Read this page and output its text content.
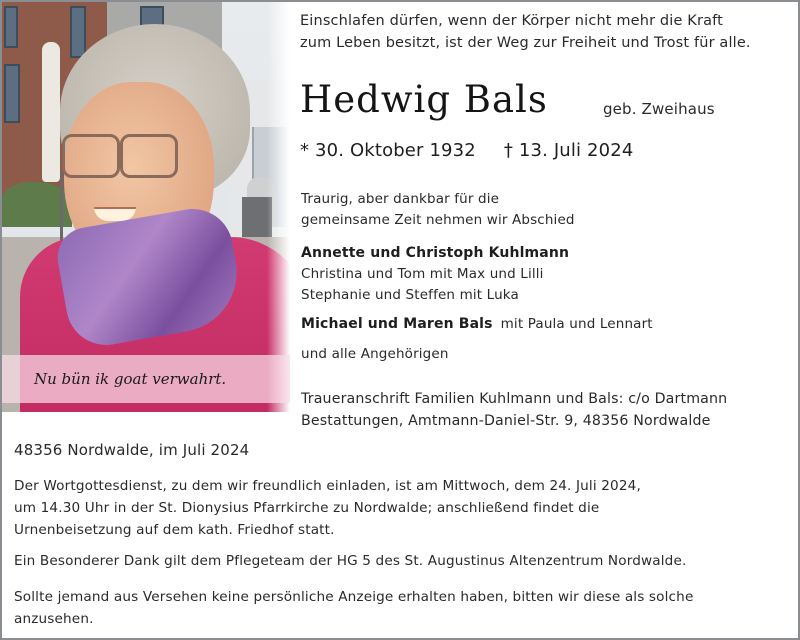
Nu bün ik goat verwahrt.
Einschlafen dürfen, wenn der Körper nicht mehr die Kraft
zum Leben besitzt, ist der Weg zur Freiheit und Trost für alle.
Hedwig Bals	geb. Zweihaus
* 30. Oktober 1932 † 13. Juli 2024
Traurig, aber dankbar für die
gemeinsame Zeit nehmen wir Abschied
Annette und Christoph Kuhlmann
Christina und Tom mit Max und Lilli
Stephanie und Steffen mit Luka
Michael und Maren Bals mit Paula und Lennart
und alle Angehörigen
Traueranschrift Familien Kuhlmann und Bals: c/o Dartmann
Bestattungen, Amtmann-Daniel-Str. 9, 48356 Nordwalde
48356 Nordwalde, im Juli 2024
Der Wortgottesdienst, zu dem wir freundlich einladen, ist am Mittwoch, dem 24. Juli 2024,
um 14.30 Uhr in der St. Dionysius Pfarrkirche zu Nordwalde; anschließend findet die
Urnenbeisetzung auf dem kath. Friedhof statt.
Ein Besonderer Dank gilt dem Pflegeteam der HG 5 des St. Augustinus Altenzentrum Nordwalde.
Sollte jemand aus Versehen keine persönliche Anzeige erhalten haben, bitten wir diese als solche
anzusehen.
